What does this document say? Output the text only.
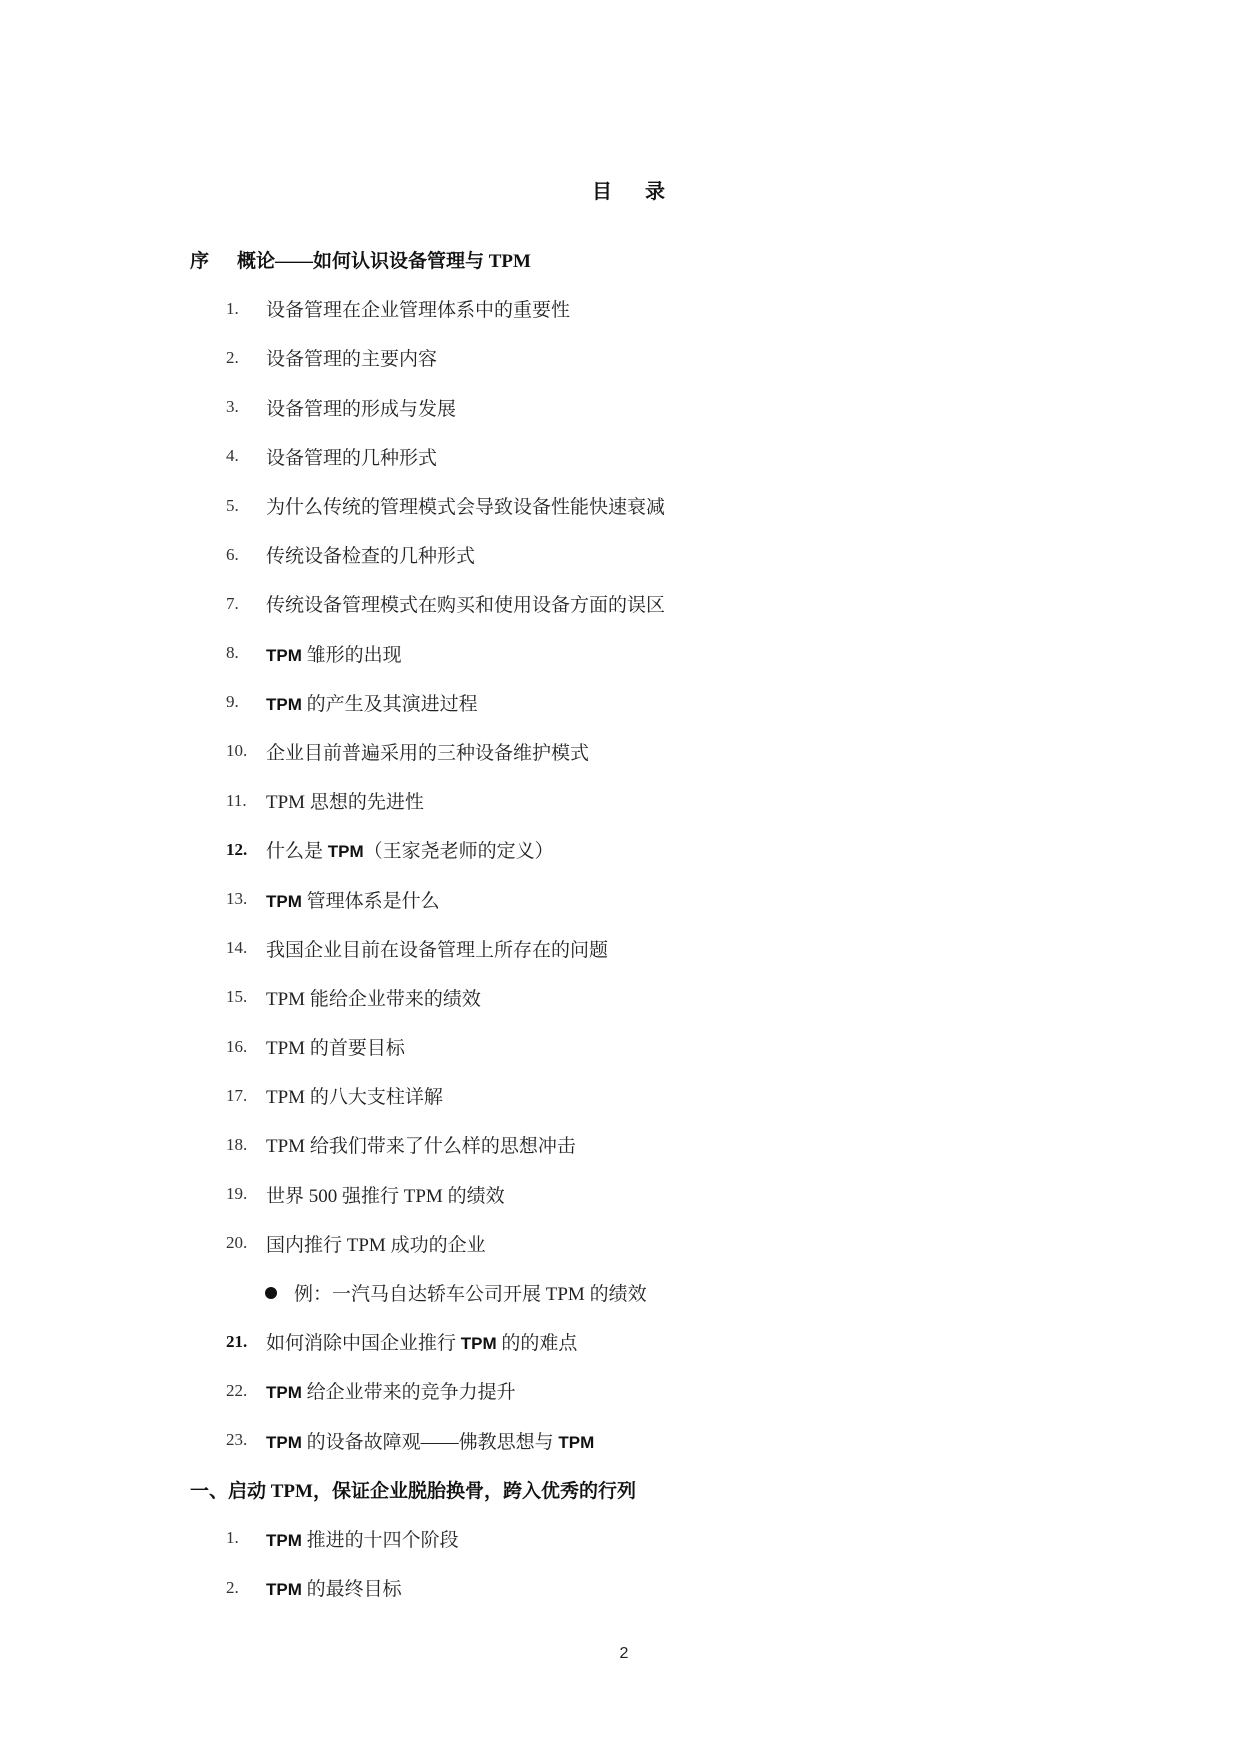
目 录
序	概论——如何认识设备管理与 TPM
1.	设备管理在企业管理体系中的重要性
2.	设备管理的主要内容
3.	设备管理的形成与发展
4.	设备管理的几种形式
5.	为什么传统的管理模式会导致设备性能快速衰减
6.	传统设备检查的几种形式
7.	传统设备管理模式在购买和使用设备方面的误区
8.	TPM 雏形的出现
9.	TPM 的产生及其演进过程
10. 企业目前普遍采用的三种设备维护模式
11.	TPM 思想的先进性
12. 什么是 TPM（王家尧老师的定义）
13.	TPM 管理体系是什么
14. 我国企业目前在设备管理上所存在的问题
15. TPM 能给企业带来的绩效
16. TPM 的首要目标
17. TPM 的八大支柱详解
18. TPM 给我们带来了什么样的思想冲击
19. 世界 500 强推行 TPM 的绩效
20. 国内推行 TPM 成功的企业
例：一汽马自达轿车公司开展 TPM 的绩效
21. 如何消除中国企业推行 TPM 的的难点
22.	TPM 给企业带来的竞争力提升
23.	TPM 的设备故障观——佛教思想与 TPM
一、启动 TPM，保证企业脱胎换骨，跨入优秀的行列
1.	TPM 推进的十四个阶段
2.	TPM 的最终目标
2
